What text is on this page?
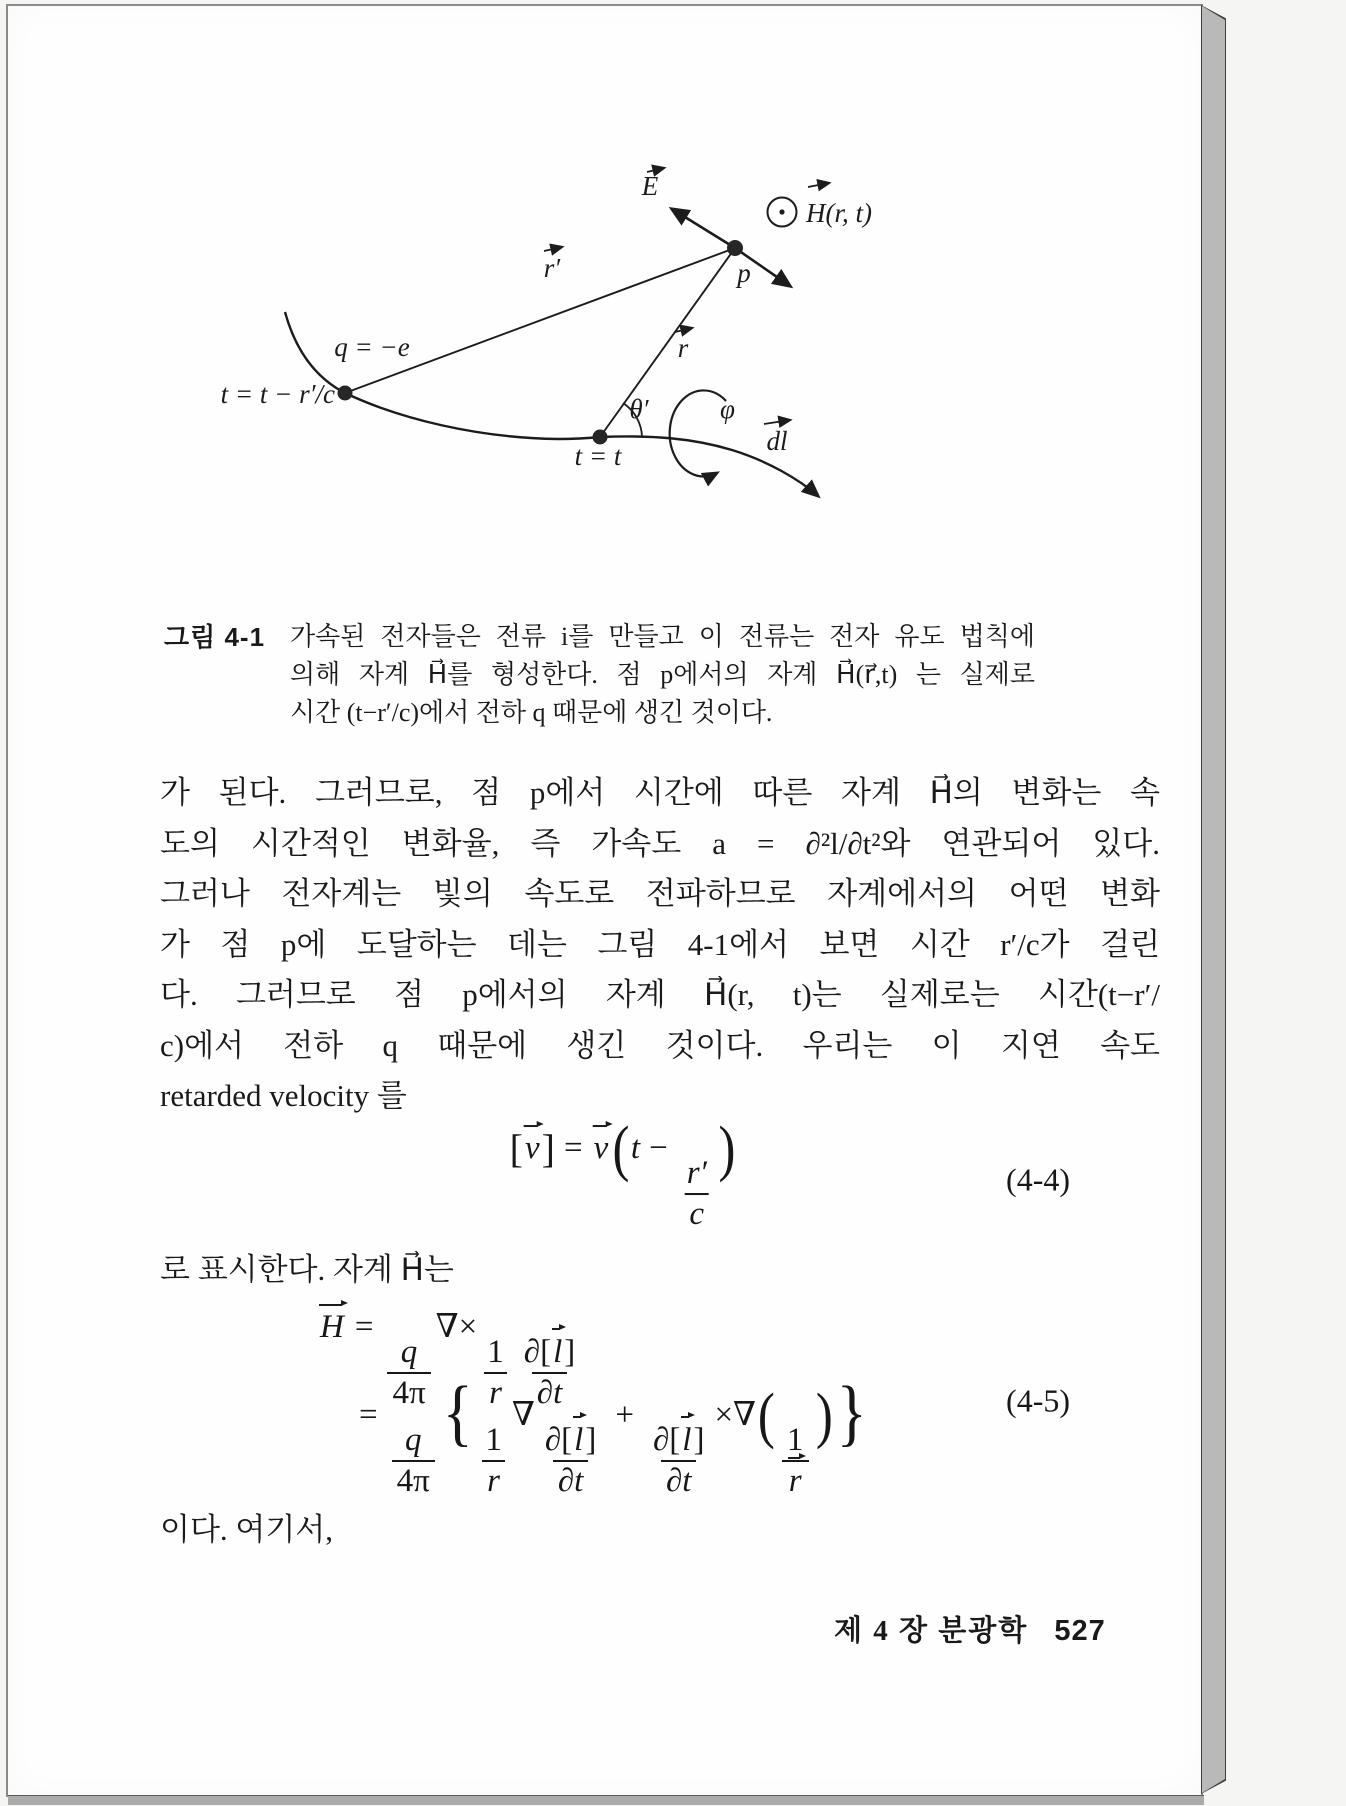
E
H(r, t)
p
r′
r
q = −e
t = t − r′/c
t = t
θ′	φ
dl
그림 4-1 가속된 전자들은 전류 i를 만들고 이 전류는 전자 유도 법칙에
의해 자계 H⃗를 형성한다. 점 p에서의 자계 H⃗(r⃗,t) 는 실제로
시간 (t−r′/c)에서 전하 q 때문에 생긴 것이다.
가 된다. 그러므로, 점 p에서 시간에 따른 자계 H⃗의 변화는 속
도의 시간적인 변화율, 즉 가속도 a = ∂²l/∂t²와 연관되어 있다.
그러나 전자계는 빛의 속도로 전파하므로 자계에서의 어떤 변화
가 점 p에 도달하는 데는 그림 4-1에서 보면 시간 r′/c가 걸린
다. 그러므로 점 p에서의 자계 H⃗(r, t)는 실제로는 시간(t−r′/
c)에서 전하 q 때문에 생긴 것이다. 우리는 이 지연 속도
retarded velocity 를
[v] = v(t −
$\frac{r'}{c}$
)	(4-4)
로 표시한다. 자계 H⃗는
H =
$\frac{q}{4\pi}$
∇×
$\frac{1}{r} \frac{\partial[l]}{\partial t}$
=
$\frac{q}{4\pi}$
{
$\frac{1}{r}$
∇
$\frac{\partial[l]}{\partial t}$
+
$\frac{\partial[l]}{\partial t}$
×∇(
$\frac{1}{r}$
)}	(4-5)
이다. 여기서,
제 4 장 분광학 527
